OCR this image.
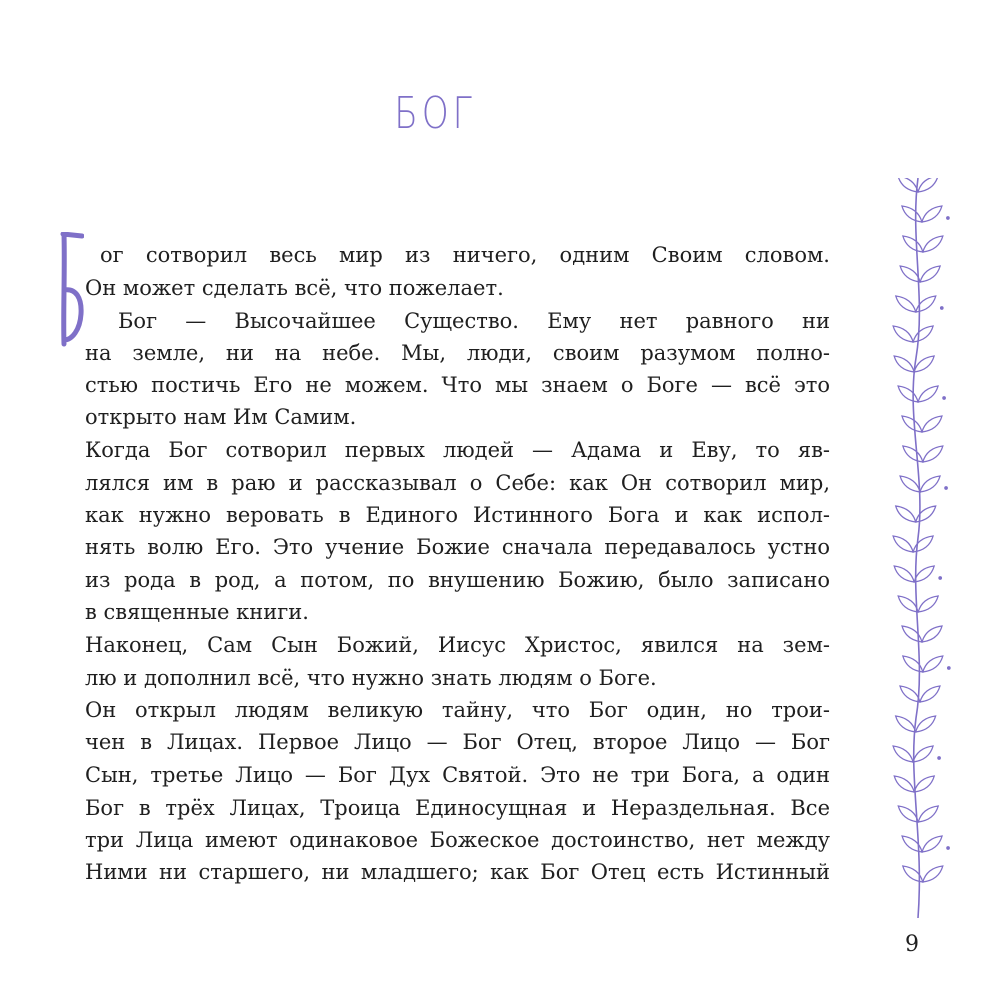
БОГ
Б ог сотворил весь мир из ничего, одним Своим словом.
Он может сделать всё, что пожелает.
Бог — Высочайшее Существо. Ему нет равного ни
на земле, ни на небе. Мы, люди, своим разумом полно-
стью постичь Его не можем. Что мы знаем о Боге — всё это
открыто нам Им Самим.
Когда Бог сотворил первых людей — Адама и Еву, то яв-
лялся им в раю и рассказывал о Себе: как Он сотворил мир,
как нужно веровать в Единого Истинного Бога и как испол-
нять волю Его. Это учение Божие сначала передавалось устно
из рода в род, а потом, по внушению Божию, было записано
в священные книги.
Наконец, Сам Сын Божий, Иисус Христос, явился на зем-
лю и дополнил всё, что нужно знать людям о Боге.
Он открыл людям великую тайну, что Бог один, но трои-
чен в Лицах. Первое Лицо — Бог Отец, второе Лицо — Бог
Сын, третье Лицо — Бог Дух Святой. Это не три Бога, а один
Бог в трёх Лицах, Троица Единосущная и Нераздельная. Все
три Лица имеют одинаковое Божеское достоинство, нет между
Ними ни старшего, ни младшего; как Бог Отец есть Истинный
9
